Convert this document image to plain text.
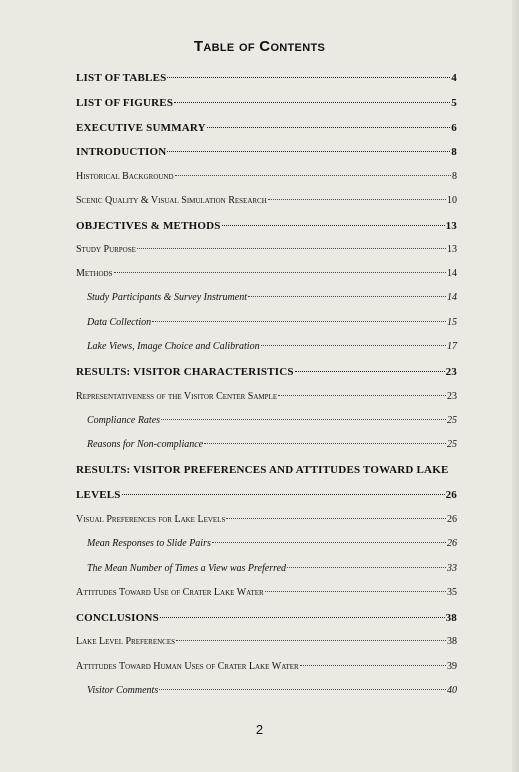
Table of Contents
LIST OF TABLES	4
LIST OF FIGURES	5
EXECUTIVE SUMMARY	6
INTRODUCTION	8
Historical Background	8
Scenic Quality & Visual Simulation Research	10
OBJECTIVES & METHODS	13
Study Purpose	13
Methods	14
Study Participants & Survey Instrument	14
Data Collection	15
Lake Views, Image Choice and Calibration	17
RESULTS: VISITOR CHARACTERISTICS	23
Representativeness of the Visitor Center Sample	23
Compliance Rates	25
Reasons for Non-compliance	25
RESULTS: VISITOR PREFERENCES AND ATTITUDES TOWARD LAKE
LEVELS	26
Visual Preferences for Lake Levels	26
Mean Responses to Slide Pairs	26
The Mean Number of Times a View was Preferred	33
Attitudes Toward Use of Crater Lake Water	35
CONCLUSIONS	38
Lake Level Preferences	38
Attitudes Toward Human Uses of Crater Lake Water	39
Visitor Comments	40
2
